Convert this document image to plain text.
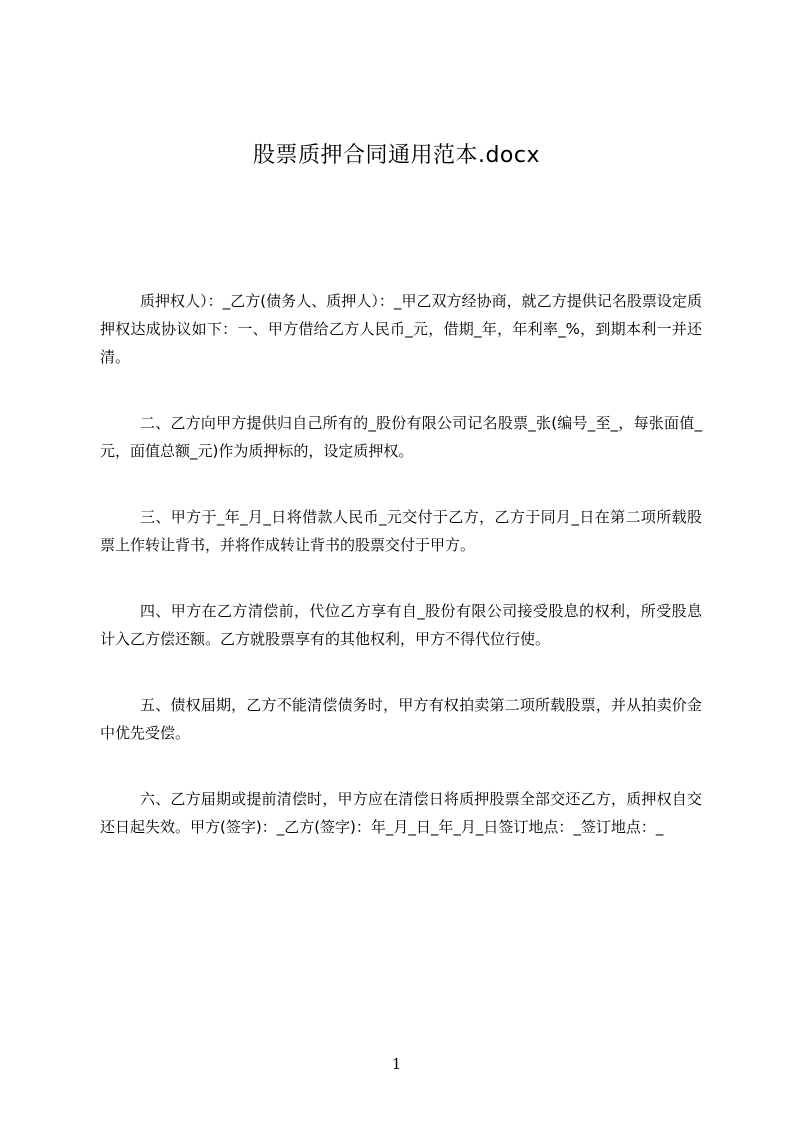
股票质押合同通用范本.docx

质押权人）：_乙方(债务人、质押人）：_甲乙双方经协商，就乙方提供记名股票设定质押权达成协议如下：一、甲方借给乙方人民币_元，借期_年，年利率_%，到期本利一并还清。

二、乙方向甲方提供归自己所有的_股份有限公司记名股票_张(编号_至_，每张面值_元，面值总额_元)作为质押标的，设定质押权。

三、甲方于_年_月_日将借款人民币_元交付于乙方，乙方于同月_日在第二项所载股票上作转让背书，并将作成转让背书的股票交付于甲方。

四、甲方在乙方清偿前，代位乙方享有自_股份有限公司接受股息的权利，所受股息计入乙方偿还额。乙方就股票享有的其他权利，甲方不得代位行使。

五、债权届期，乙方不能清偿债务时，甲方有权拍卖第二项所载股票，并从拍卖价金中优先受偿。

六、乙方届期或提前清偿时，甲方应在清偿日将质押股票全部交还乙方，质押权自交还日起失效。甲方(签字)：_乙方(签字)：年_月_日_年_月_日签订地点：_签订地点：_

1
